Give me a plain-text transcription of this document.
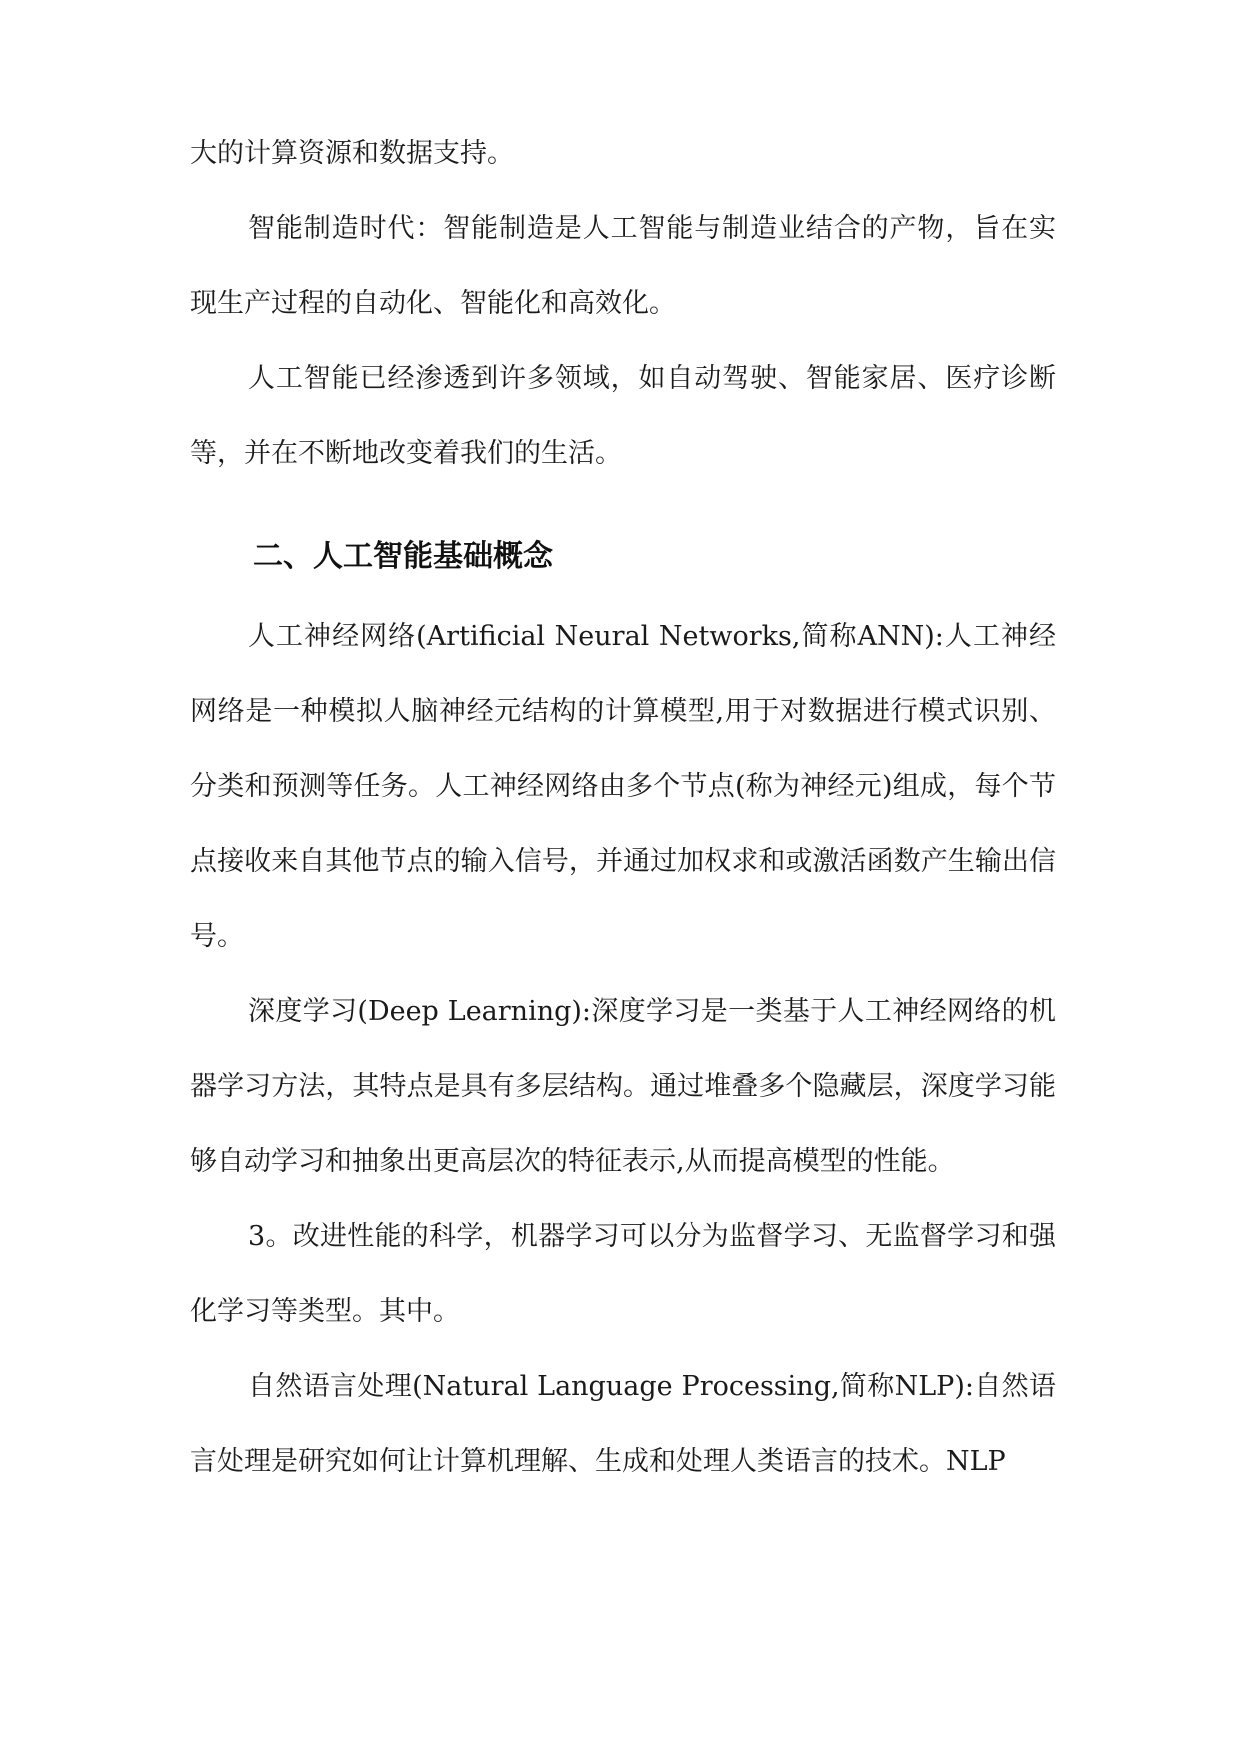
大的计算资源和数据支持。

智能制造时代：智能制造是人工智能与制造业结合的产物，旨在实现生产过程的自动化、智能化和高效化。

人工智能已经渗透到许多领域，如自动驾驶、智能家居、医疗诊断等，并在不断地改变着我们的生活。

二、人工智能基础概念

人工神经网络(Artificial Neural Networks,简称ANN):人工神经网络是一种模拟人脑神经元结构的计算模型,用于对数据进行模式识别、分类和预测等任务。人工神经网络由多个节点(称为神经元)组成，每个节点接收来自其他节点的输入信号，并通过加权求和或激活函数产生输出信号。

深度学习(Deep Learning):深度学习是一类基于人工神经网络的机器学习方法，其特点是具有多层结构。通过堆叠多个隐藏层，深度学习能够自动学习和抽象出更高层次的特征表示,从而提高模型的性能。

3。改进性能的科学，机器学习可以分为监督学习、无监督学习和强化学习等类型。其中。

自然语言处理(Natural Language Processing,简称NLP):自然语言处理是研究如何让计算机理解、生成和处理人类语言的技术。NLP
